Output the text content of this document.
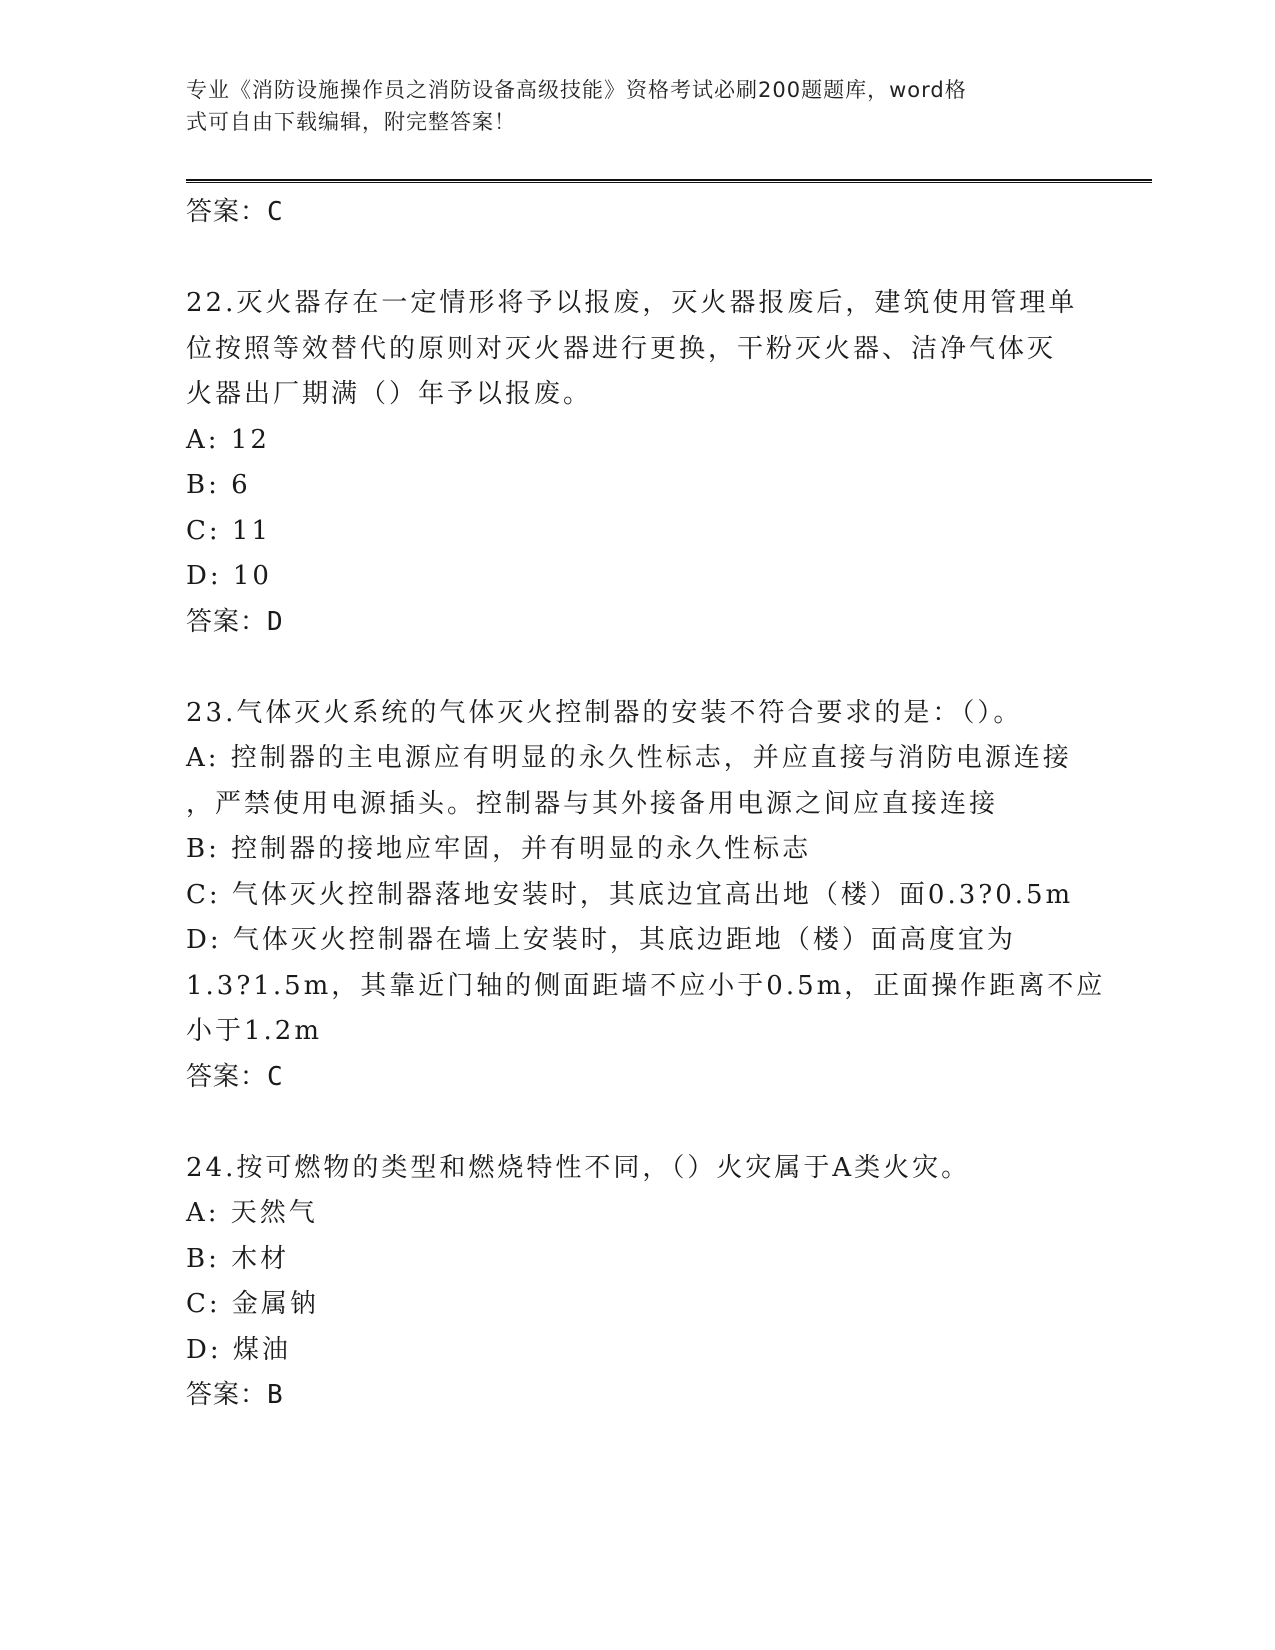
专业《消防设施操作员之消防设备高级技能》资格考试必刷200题题库，word格
式可自由下载编辑，附完整答案！
答案：C
22.灭火器存在一定情形将予以报废，灭火器报废后，建筑使用管理单
位按照等效替代的原则对灭火器进行更换，干粉灭火器、洁净气体灭
火器出厂期满（）年予以报废。
A: 12
B: 6
C: 11
D: 10
答案：D
23.气体灭火系统的气体灭火控制器的安装不符合要求的是：（）。
A: 控制器的主电源应有明显的永久性标志，并应直接与消防电源连接
，严禁使用电源插头。控制器与其外接备用电源之间应直接连接
B: 控制器的接地应牢固，并有明显的永久性标志
C: 气体灭火控制器落地安装时，其底边宜高出地（楼）面0.3?0.5m
D: 气体灭火控制器在墙上安装时，其底边距地（楼）面高度宜为
1.3?1.5m，其靠近门轴的侧面距墙不应小于0.5m，正面操作距离不应
小于1.2m
答案：C
24.按可燃物的类型和燃烧特性不同，（）火灾属于A类火灾。
A: 天然气
B: 木材
C: 金属钠
D: 煤油
答案：B
